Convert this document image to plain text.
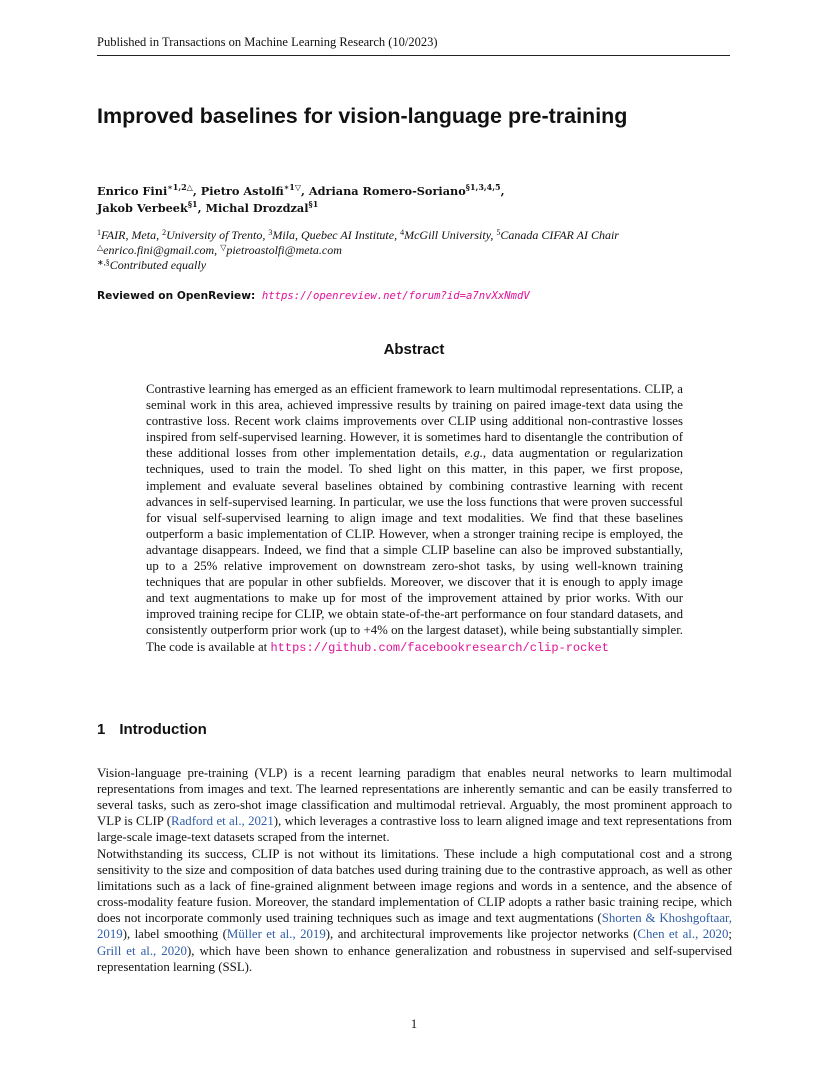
Published in Transactions on Machine Learning Research (10/2023)
Improved baselines for vision-language pre-training
Enrico Fini$^{∗1,2\triangle}$, Pietro Astolfi$^{∗1▽}$, Adriana Romero-Soriano$^{\S 1,3,4,5}$,
Jakob Verbeek$^{\S 1}$, Michal Drozdzal$^{\S 1}$
$^1$FAIR, Meta, $^2$University of Trento, $^3$Mila, Quebec AI Institute, $^4$McGill University, $^5$Canada CIFAR AI Chair
△enrico.fini@gmail.com, ▽pietroastolfi@meta.com
∗,§Contributed equally
Reviewed on OpenReview: https://openreview.net/forum?id=a7nvXxNmdV
Abstract
Contrastive learning has emerged as an efficient framework to learn multimodal representations. CLIP, a seminal work in this area, achieved impressive results by training on paired image-text data using the contrastive loss. Recent work claims improvements over CLIP using additional non-contrastive losses inspired from self-supervised learning. However, it is sometimes hard to disentangle the contribution of these additional losses from other implementation details, e.g., data augmentation or regularization techniques, used to train the model. To shed light on this matter, in this paper, we first propose, implement and evaluate several baselines obtained by combining contrastive learning with recent advances in self-supervised learning. In particular, we use the loss functions that were proven successful for visual self-supervised learning to align image and text modalities. We find that these baselines outperform a basic implementation of CLIP. However, when a stronger training recipe is employed, the advantage disappears. Indeed, we find that a simple CLIP baseline can also be improved substantially, up to a 25% relative improvement on downstream zero-shot tasks, by using well-known training techniques that are popular in other subfields. Moreover, we discover that it is enough to apply image and text augmentations to make up for most of the improvement attained by prior works. With our improved training recipe for CLIP, we obtain state-of-the-art performance on four standard datasets, and consistently outperform prior work (up to +4% on the largest dataset), while being substantially simpler. The code is available at https://github.com/facebookresearch/clip-rocket
1 Introduction
Vision-language pre-training (VLP) is a recent learning paradigm that enables neural networks to learn multimodal representations from images and text. The learned representations are inherently semantic and can be easily transferred to several tasks, such as zero-shot image classification and multimodal retrieval. Arguably, the most prominent approach to VLP is CLIP (Radford et al., 2021), which leverages a contrastive loss to learn aligned image and text representations from large-scale image-text datasets scraped from the internet.
Notwithstanding its success, CLIP is not without its limitations. These include a high computational cost and a strong sensitivity to the size and composition of data batches used during training due to the contrastive approach, as well as other limitations such as a lack of fine-grained alignment between image regions and words in a sentence, and the absence of cross-modality feature fusion. Moreover, the standard implementation of CLIP adopts a rather basic training recipe, which does not incorporate commonly used training techniques such as image and text augmentations (Shorten & Khoshgoftaar, 2019), label smoothing (Müller et al., 2019), and architectural improvements like projector networks (Chen et al., 2020; Grill et al., 2020), which have been shown to enhance generalization and robustness in supervised and self-supervised representation learning (SSL).
1
